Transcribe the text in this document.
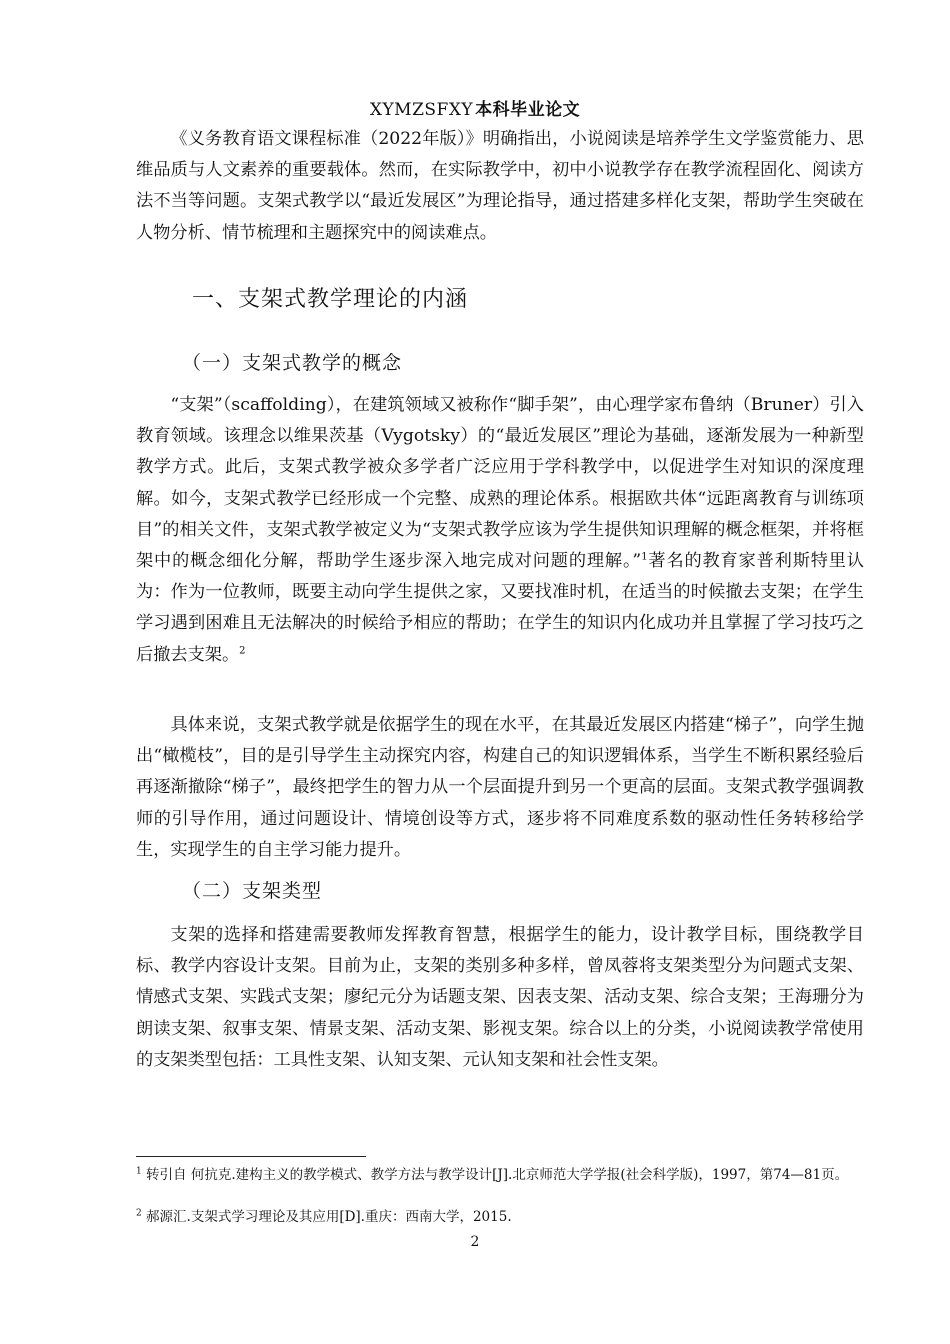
XYMZSFXY 本科毕业论文

《义务教育语文课程标准（2022年版）》明确指出，小说阅读是培养学生文学鉴赏能力、思维品质与人文素养的重要载体。然而，在实际教学中，初中小说教学存在教学流程固化、阅读方法不当等问题。支架式教学以“最近发展区”为理论指导，通过搭建多样化支架，帮助学生突破在人物分析、情节梳理和主题探究中的阅读难点。

一、支架式教学理论的内涵
（一）支架式教学的概念

“支架”（scaffolding），在建筑领域又被称作“脚手架”，由心理学家布鲁纳（Bruner）引入教育领域。该理念以维果茨基（Vygotsky）的“最近发展区”理论为基础，逐渐发展为一种新型教学方式。此后，支架式教学被众多学者广泛应用于学科教学中，以促进学生对知识的深度理解。如今，支架式教学已经形成一个完整、成熟的理论体系。根据欧共体“远距离教育与训练项目”的相关文件，支架式教学被定义为“支架式教学应该为学生提供知识理解的概念框架，并将框架中的概念细化分解，帮助学生逐步深入地完成对问题的理解。”$^1$著名的教育家普利斯特里认为：作为一位教师，既要主动向学生提供之家，又要找准时机，在适当的时候撤去支架；在学生学习遇到困难且无法解决的时候给予相应的帮助；在学生的知识内化成功并且掌握了学习技巧之后撤去支架。$^2$

具体来说，支架式教学就是依据学生的现在水平，在其最近发展区内搭建“梯子”，向学生抛出“橄榄枝”，目的是引导学生主动探究内容，构建自己的知识逻辑体系，当学生不断积累经验后再逐渐撤除“梯子”，最终把学生的智力从一个层面提升到另一个更高的层面。支架式教学强调教师的引导作用，通过问题设计、情境创设等方式，逐步将不同难度系数的驱动性任务转移给学生，实现学生的自主学习能力提升。

（二）支架类型

支架的选择和搭建需要教师发挥教育智慧，根据学生的能力，设计教学目标，围绕教学目标、教学内容设计支架。目前为止，支架的类别多种多样，曾凤蓉将支架类型分为问题式支架、情感式支架、实践式支架；廖纪元分为话题支架、因表支架、活动支架、综合支架；王海珊分为朗读支架、叙事支架、情景支架、活动支架、影视支架。综合以上的分类，小说阅读教学常使用的支架类型包括：工具性支架、认知支架、元认知支架和社会性支架。

$^1$ 转引自 何抗克.建构主义的教学模式、教学方法与教学设计[J].北京师范大学学报(社会科学版)，1997，第74—81页。

$^2$ 郝源汇.支架式学习理论及其应用[D].重庆：西南大学，2015.

2
